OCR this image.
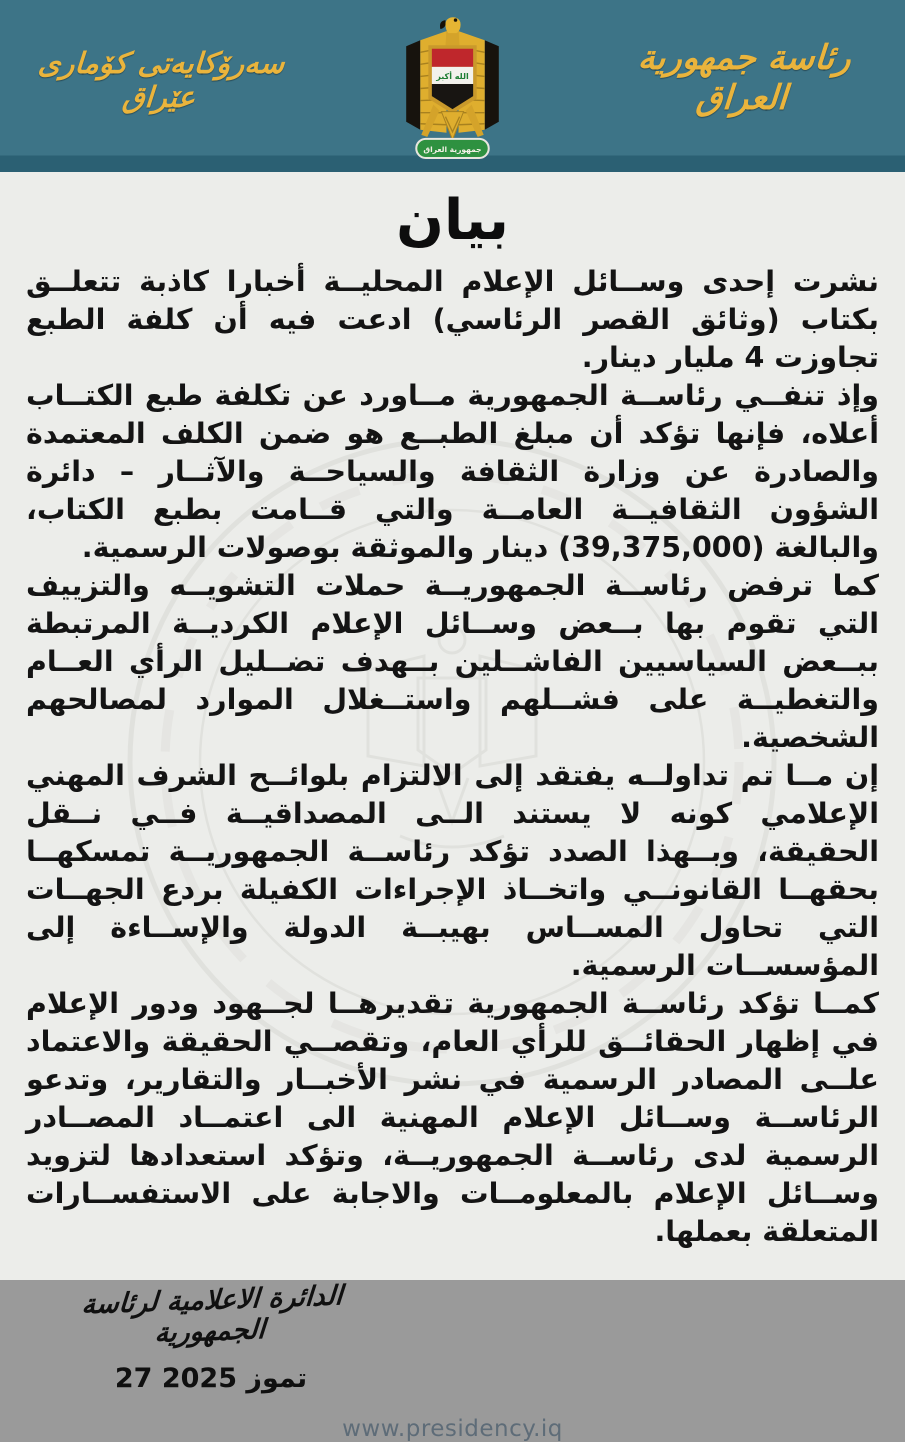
سەرۆکایەتی کۆماری عێراق
الله أكبر
جمهورية العراق
رئاسة جمهورية العراق
بيان

نشرت إحدى وســائل الإعلام المحليــة أخبارا كاذبة تتعلــق بكتاب (وثائق القصر الرئاسي) ادعت فيه أن كلفة الطبع تجاوزت 4 مليار دينار.

وإذ تنفــي رئاســة الجمهورية مــاورد عن تكلفة طبع الكتــاب أعلاه، فإنها تؤكد أن مبلغ الطبــع هو ضمن الكلف المعتمدة والصادرة عن وزارة الثقافة والسياحــة والآثــار – دائرة الشؤون الثقافيــة العامــة والتي قــامت بطبع الكتاب، والبالغة (39,375,000) دينار والموثقة بوصولات الرسمية.

كما ترفض رئاســة الجمهوريــة حملات التشويــه والتزييف التي تقوم بها بــعض وســائل الإعلام الكرديــة المرتبطة ببــعض السياسيين الفاشــلين بــهدف تضــليل الرأي العــام والتغطيــة على فشــلهم واستــغلال الموارد لمصالحهم الشخصية.

إن مــا تم تداولــه يفتقد إلى الالتزام بلوائــح الشرف المهني الإعلامي كونه لا يستند الــى المصداقيــة فــي نــقل الحقيقة، وبــهذا الصدد تؤكد رئاســة الجمهوريــة تمسكهــا بحقهــا القانونــي واتخــاذ الإجراءات الكفيلة بردع الجهــات التي تحاول المســاس بهيبــة الدولة والإســاءة إلى المؤسســات الرسمية.

كمــا تؤكد رئاســة الجمهورية تقديرهــا لجــهود ودور الإعلام في إظهار الحقائــق للرأي العام، وتقصــي الحقيقة والاعتماد علــى المصادر الرسمية في نشر الأخبــار والتقارير، وتدعو الرئاســة وســائل الإعلام المهنية الى اعتمــاد المصــادر الرسمية لدى رئاســة الجمهوريــة، وتؤكد استعدادها لتزويد وســائل الإعلام بالمعلومــات والاجابة على الاستفســارات المتعلقة بعملها.

الدائرة الاعلامية لرئاسة الجمهورية
27 تموز 2025
www.presidency.iq
